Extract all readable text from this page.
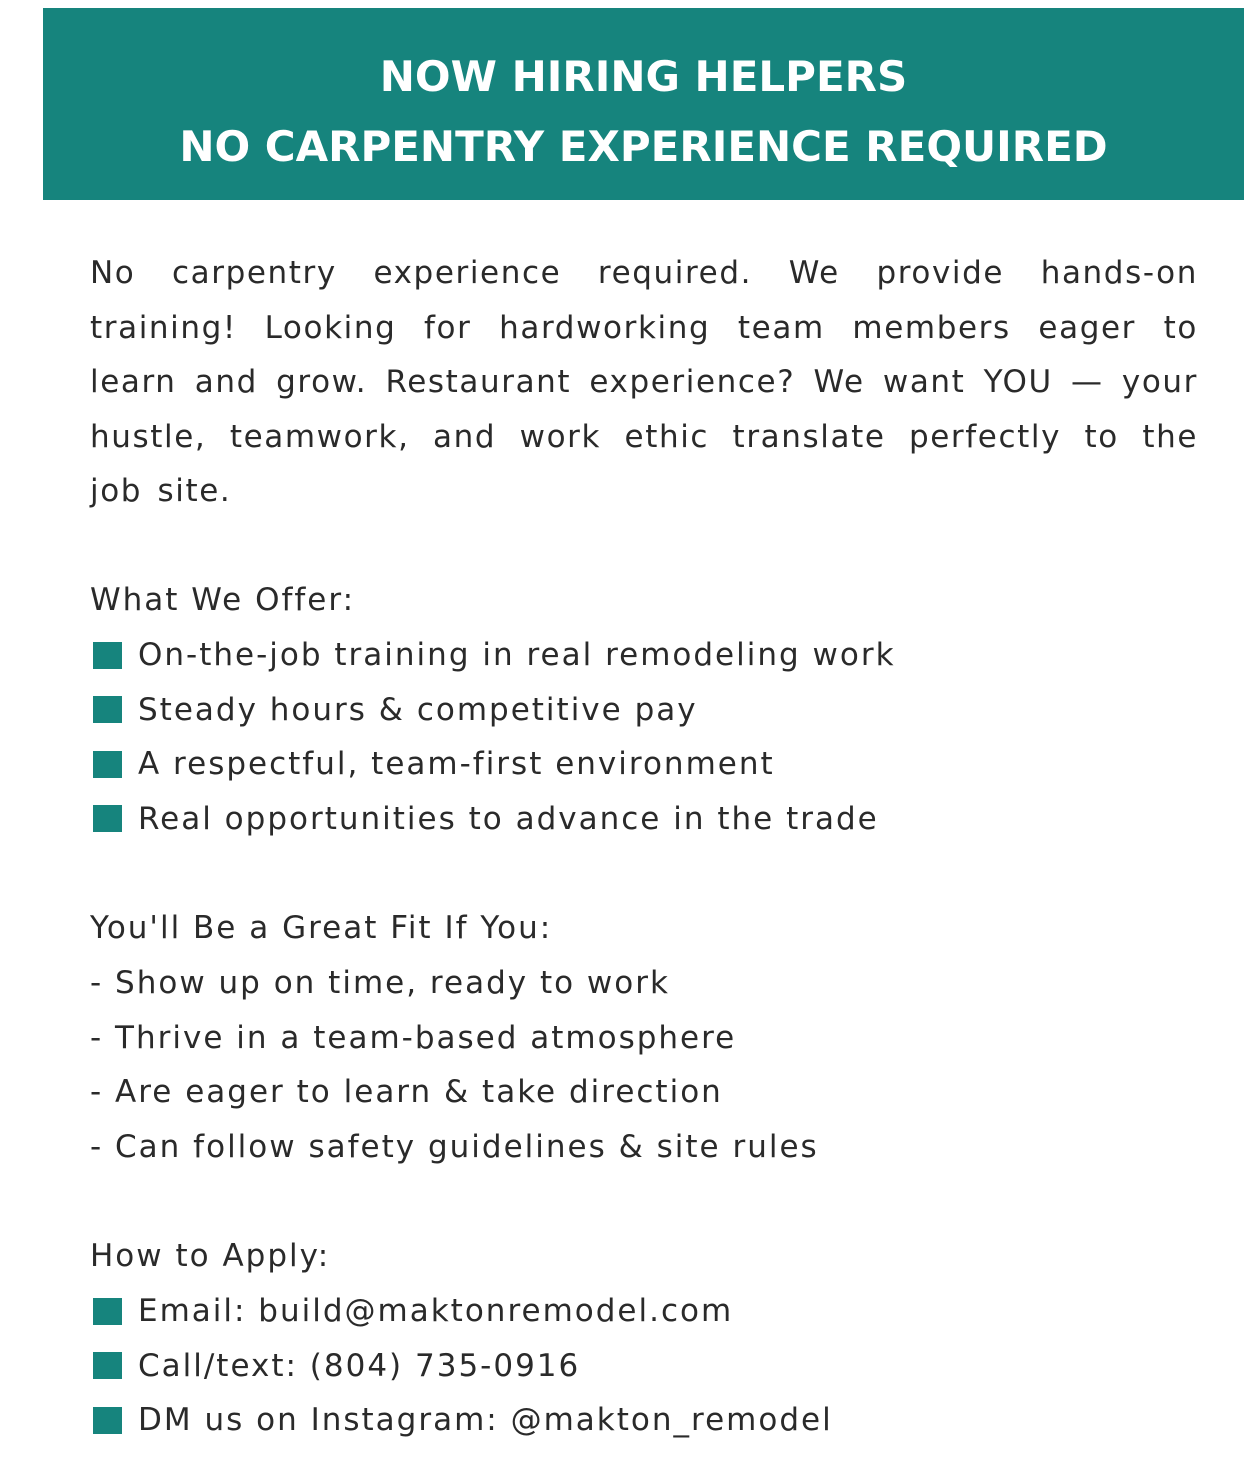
NOW HIRING HELPERS
NO CARPENTRY EXPERIENCE REQUIRED

No carpentry experience required. We provide hands-on training! Looking for hardworking team members eager to learn and grow. Restaurant experience? We want YOU — your hustle, teamwork, and work ethic translate perfectly to the job site.

What We Offer:
On-the-job training in real remodeling work
Steady hours & competitive pay
A respectful, team-first environment
Real opportunities to advance in the trade
You'll Be a Great Fit If You:
- Show up on time, ready to work
- Thrive in a team-based atmosphere
- Are eager to learn & take direction
- Can follow safety guidelines & site rules
How to Apply:
Email: build@maktonremodel.com
Call/text: (804) 735-0916
DM us on Instagram: @makton_remodel
